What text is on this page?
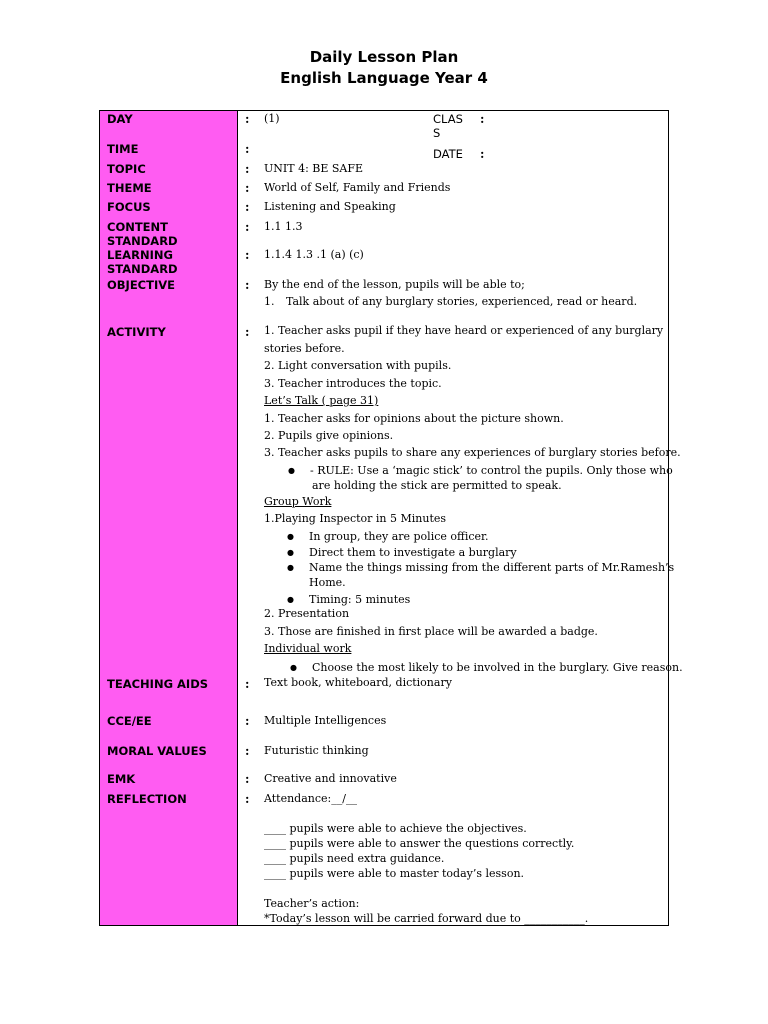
Daily Lesson Plan
English Language Year 4
DAY
TIME
TOPIC
THEME
FOCUS
CONTENT STANDARD
LEARNING STANDARD
OBJECTIVE
ACTIVITY
TEACHING AIDS
CCE/EE
MORAL VALUES
EMK
REFLECTION
:
:
:
:
:
:
:
:
:
:
:
:
:
:
CLAS S
DATE
:
:
(1)
UNIT 4: BE SAFE
World of Self, Family and Friends
Listening and Speaking
1.1 1.3
1.1.4 1.3 .1 (a) (c)
By the end of the lesson, pupils will be able to;
1. Talk about of any burglary stories, experienced, read or heard.
1. Teacher asks pupil if they have heard or experienced of any burglary
stories before.
2. Light conversation with pupils.
3. Teacher introduces the topic.
Let’s Talk ( page 31)
1. Teacher asks for opinions about the picture shown.
2. Pupils give opinions.
3. Teacher asks pupils to share any experiences of burglary stories before.
● - RULE: Use a ‘magic stick’ to control the pupils. Only those who
are holding the stick are permitted to speak.
Group Work
1.Playing Inspector in 5 Minutes
● In group, they are police officer.
● Direct them to investigate a burglary
● Name the things missing from the different parts of Mr.Ramesh’s
Home.
● Timing: 5 minutes
2. Presentation
3. Those are finished in first place will be awarded a badge.
Individual work
● Choose the most likely to be involved in the burglary. Give reason.
Text book, whiteboard, dictionary
Multiple Intelligences
Futuristic thinking
Creative and innovative
Attendance:__/__
____ pupils were able to achieve the objectives.
____ pupils were able to answer the questions correctly.
____ pupils need extra guidance.
____ pupils were able to master today’s lesson.
Teacher’s action:
*Today’s lesson will be carried forward due to ___________.
